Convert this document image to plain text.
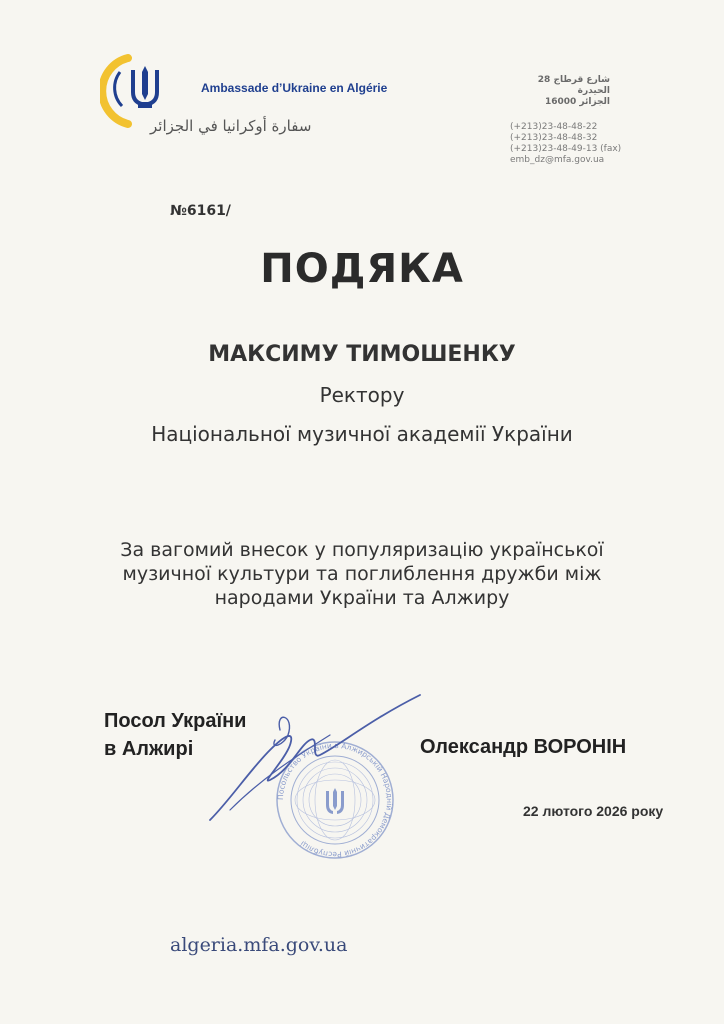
Ambassade d’Ukraine en Algérie
سفارة أوكرانيا في الجزائر
شارع قرطاج 28 الحيدرة
الجزائر 16000
(+213)23-48-48-22
(+213)23-48-48-32
(+213)23-48-49-13 (fax)
emb_dz@mfa.gov.ua
№6161/
ПОДЯКА
МАКСИМУ ТИМОШЕНКУ
Ректору
Національної музичної академії України
За вагомий внесок у популяризацію української
музичної культури та поглиблення дружби між
народами України та Алжиру
Посол України
в Алжирі
Посольство України в Алжирській Народній Демократичній Республіці
Олександр ВОРОНІН
22 лютого 2026 року
algeria.mfa.gov.ua
